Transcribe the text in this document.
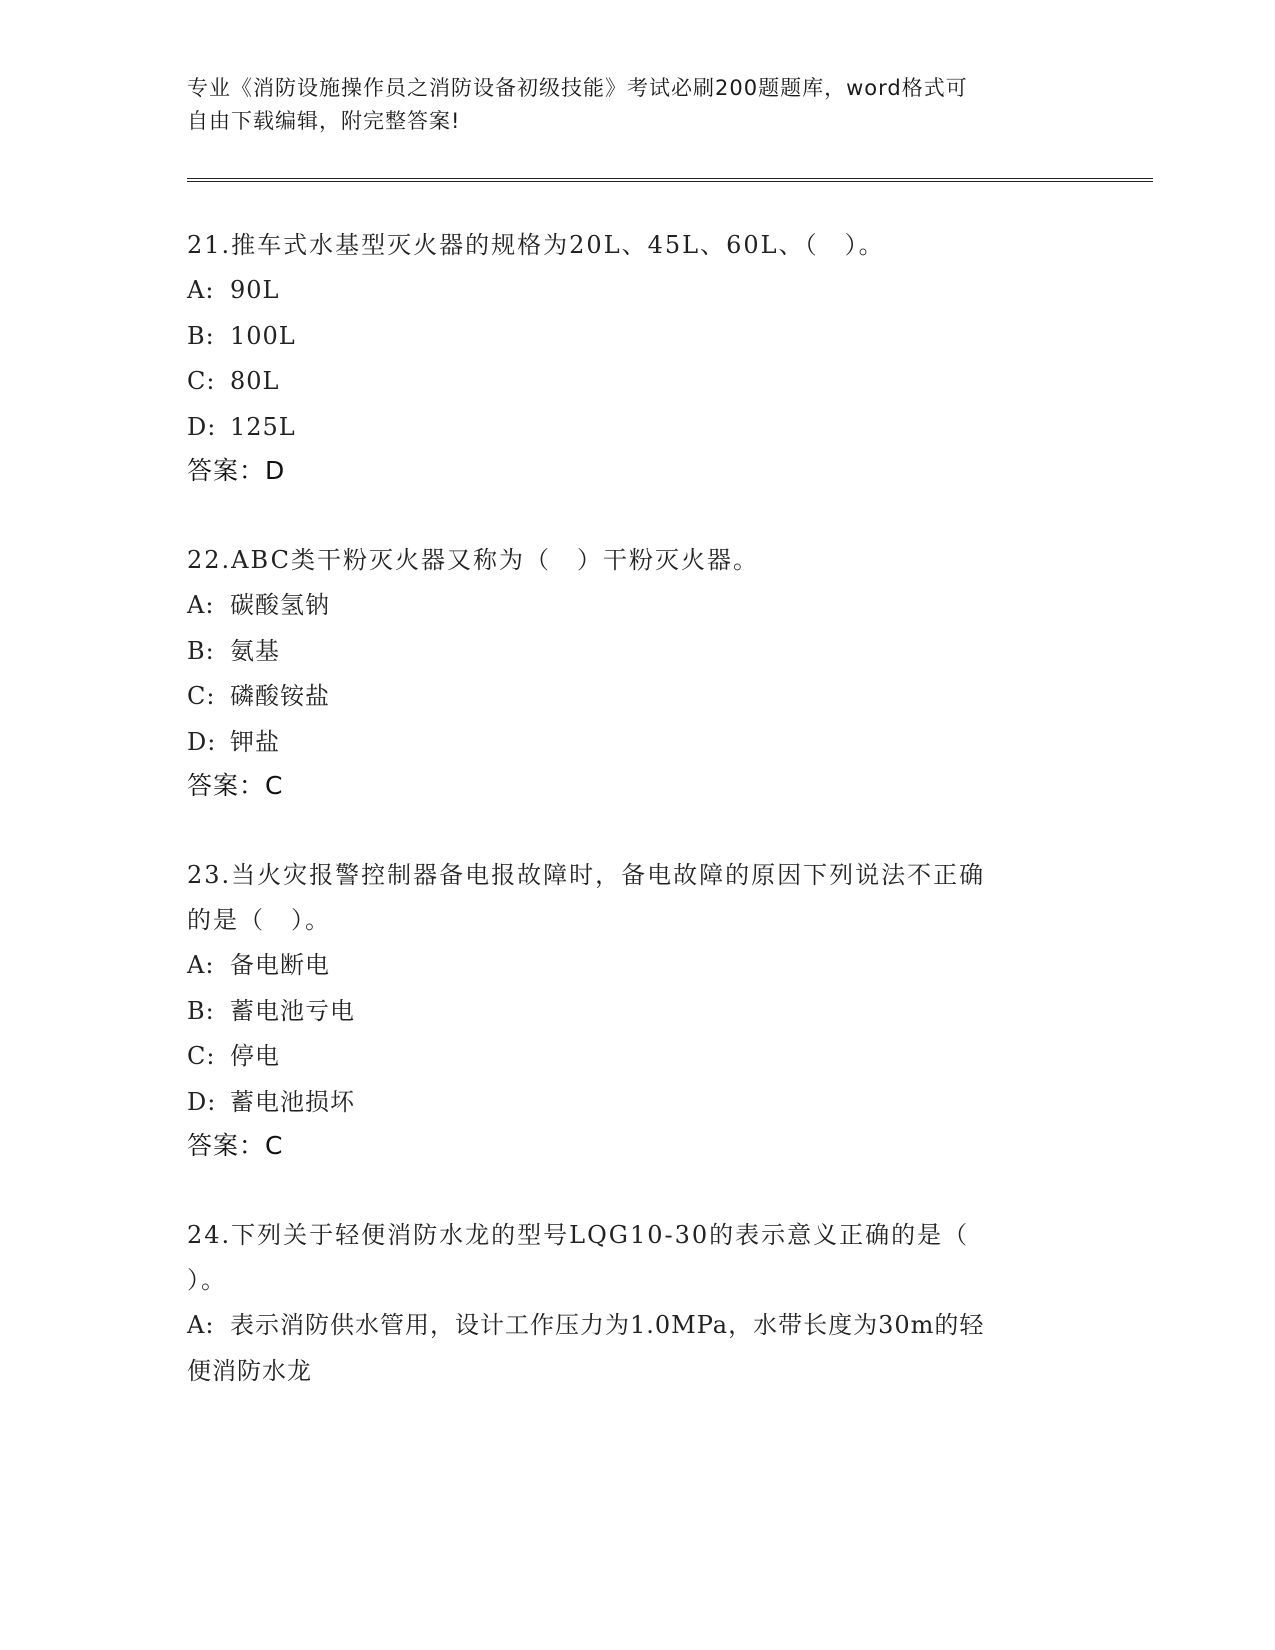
专业《消防设施操作员之消防设备初级技能》考试必刷200题题库，word格式可
自由下载编辑，附完整答案!
21.推车式水基型灭火器的规格为20L、45L、60L、（　）。
A: 90L
B: 100L
C: 80L
D: 125L
答案：D
22.ABC类干粉灭火器又称为（　）干粉灭火器。
A: 碳酸氢钠
B: 氨基
C: 磷酸铵盐
D: 钾盐
答案：C
23.当火灾报警控制器备电报故障时，备电故障的原因下列说法不正确
的是（　）。
A: 备电断电
B: 蓄电池亏电
C: 停电
D: 蓄电池损坏
答案：C
24.下列关于轻便消防水龙的型号LQG10-30的表示意义正确的是（
）。
A: 表示消防供水管用，设计工作压力为1.0MPa，水带长度为30m的轻
便消防水龙
